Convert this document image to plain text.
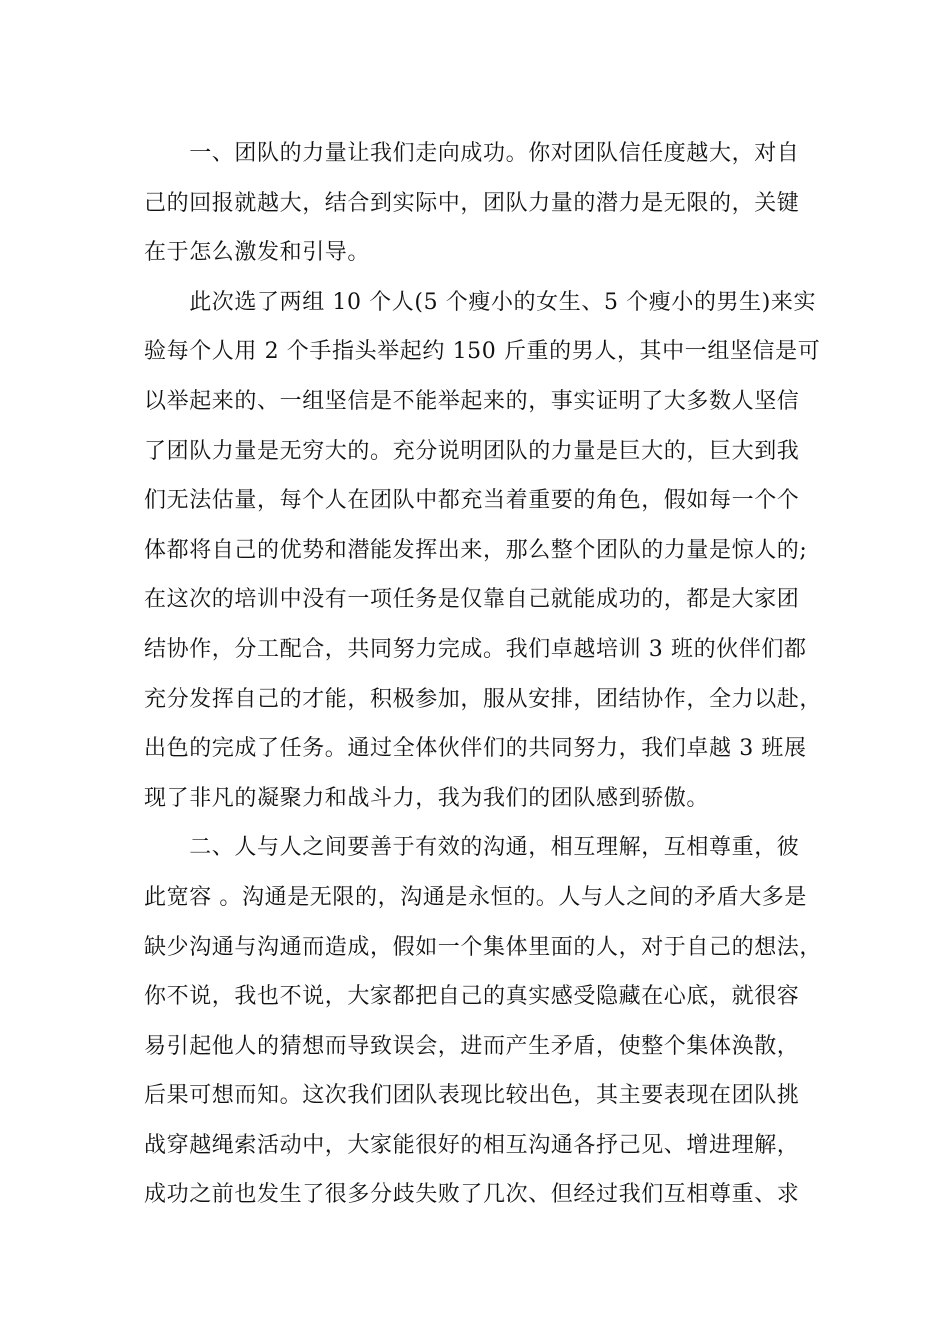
　　一、团队的力量让我们走向成功。你对团队信任度越大，对自
己的回报就越大，结合到实际中，团队力量的潜力是无限的，关键
在于怎么激发和引导。

　　此次选了两组 10 个人(5 个瘦小的女生、5 个瘦小的男生)来实
验每个人用 2 个手指头举起约 150 斤重的男人，其中一组坚信是可
以举起来的、一组坚信是不能举起来的，事实证明了大多数人坚信
了团队力量是无穷大的。充分说明团队的力量是巨大的，巨大到我
们无法估量，每个人在团队中都充当着重要的角色，假如每一个个
体都将自己的优势和潜能发挥出来，那么整个团队的力量是惊人的;
在这次的培训中没有一项任务是仅靠自己就能成功的，都是大家团
结协作，分工配合，共同努力完成。我们卓越培训 3 班的伙伴们都
充分发挥自己的才能，积极参加，服从安排，团结协作，全力以赴，
出色的完成了任务。通过全体伙伴们的共同努力，我们卓越 3 班展
现了非凡的凝聚力和战斗力，我为我们的团队感到骄傲。

　　二、人与人之间要善于有效的沟通，相互理解，互相尊重，彼
此宽容 。沟通是无限的，沟通是永恒的。人与人之间的矛盾大多是
缺少沟通与沟通而造成，假如一个集体里面的人，对于自己的想法，
你不说，我也不说，大家都把自己的真实感受隐藏在心底，就很容
易引起他人的猜想而导致误会，进而产生矛盾，使整个集体涣散，
后果可想而知。这次我们团队表现比较出色，其主要表现在团队挑
战穿越绳索活动中，大家能很好的相互沟通各抒己见、增进理解，
成功之前也发生了很多分歧失败了几次、但经过我们互相尊重、求
